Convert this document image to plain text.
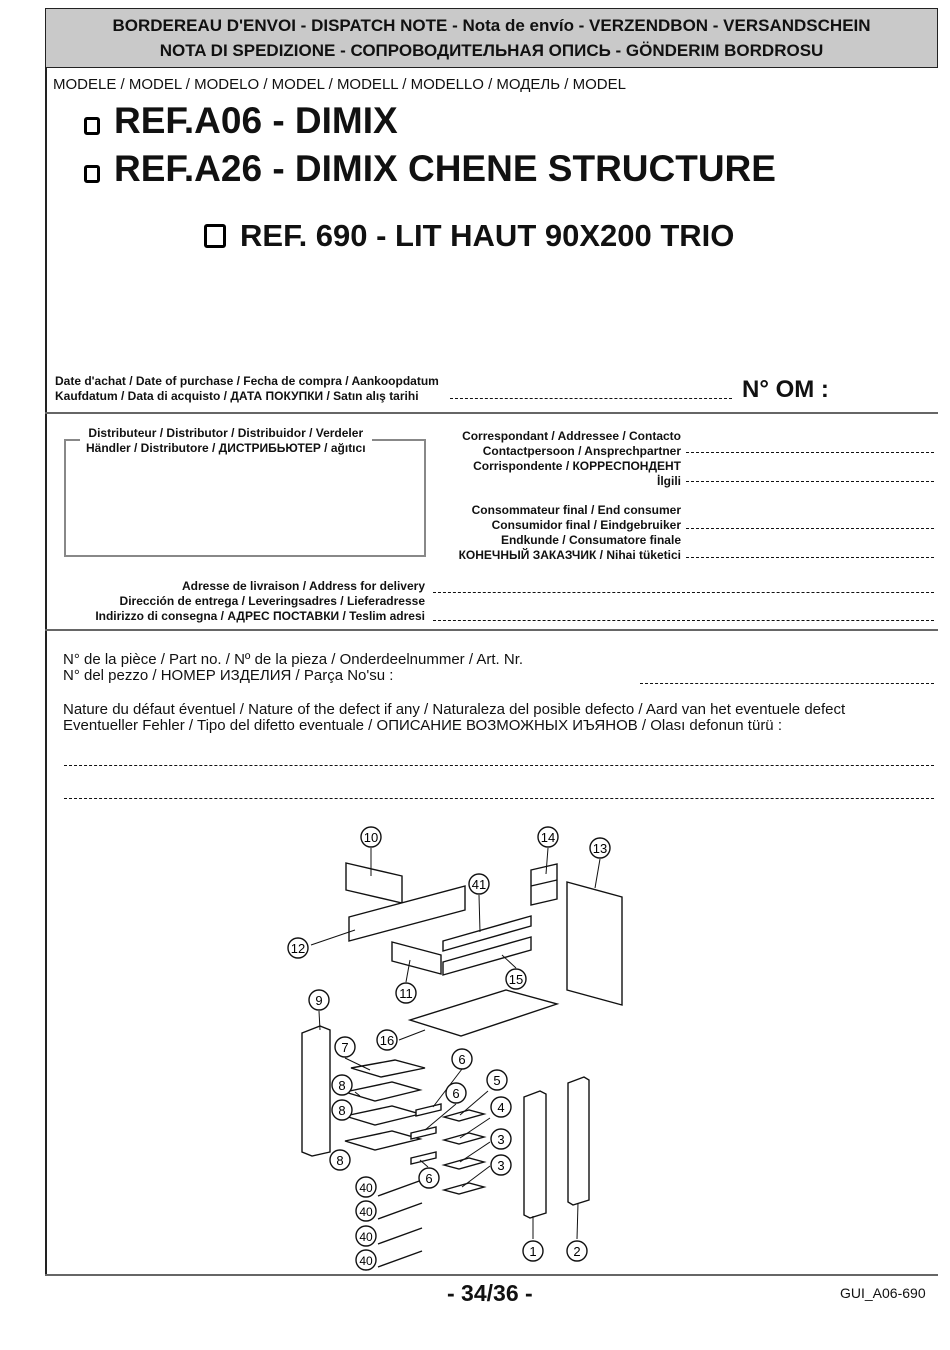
BORDEREAU D'ENVOI - DISPATCH NOTE - Nota de envío - VERZENDBON - VERSANDSCHEIN
NOTA DI SPEDIZIONE - СОПРОВОДИТЕЛЬНАЯ ОПИСЬ - GÖNDERIM BORDROSU
MODELE / MODEL / MODELO / MODEL / MODELL / MODELLO / МОДЕЛЬ / MODEL
REF.A06 - DIMIX
REF.A26 - DIMIX CHENE STRUCTURE
REF. 690 - LIT HAUT 90X200 TRIO
Date d'achat / Date of purchase / Fecha de compra / Aankoopdatum
Kaufdatum / Data di acquisto / ДАТА ПОКУПКИ / Satın alış tarihi	N° OM :
Distributeur / Distributor / Distribuidor / Verdeler
Händler / Distributore / ДИСТРИБЬЮТЕР / ağıtıcı
Correspondant / Addressee / Contacto
Contactpersoon / Ansprechpartner
Corrispondente / КОРРЕСПОНДЕНТ
İlgili
Consommateur final / End consumer
Consumidor final / Eindgebruiker
Endkunde / Consumatore finale
КОНЕЧНЫЙ ЗАКАЗЧИК / Nihai tüketici
Adresse de livraison / Address for delivery
Dirección de entrega / Leveringsadres / Lieferadresse
Indirizzo di consegna / АДРЕС ПОСТАВКИ / Teslim adresi
N° de la pièce / Part no. / Nº de la pieza / Onderdeelnummer / Art. Nr.
N° del pezzo / НОМЕР ИЗДЕЛИЯ / Parça No'su :
Nature du défaut éventuel / Nature of the defect if any / Naturaleza del posible defecto / Aard van het eventuele defect
Eventueller Fehler / Tipo del difetto eventuale / ОПИСАНИЕ ВОЗМОЖНЫХ ИЪЯНОВ / Olası defonun türü :
10	14
13
41
12
15
11
9
16
7
6
5
8
6
4
8
3
8	3
6
40
40
40
40
1	2
- 34/36 -	GUI_A06-690
